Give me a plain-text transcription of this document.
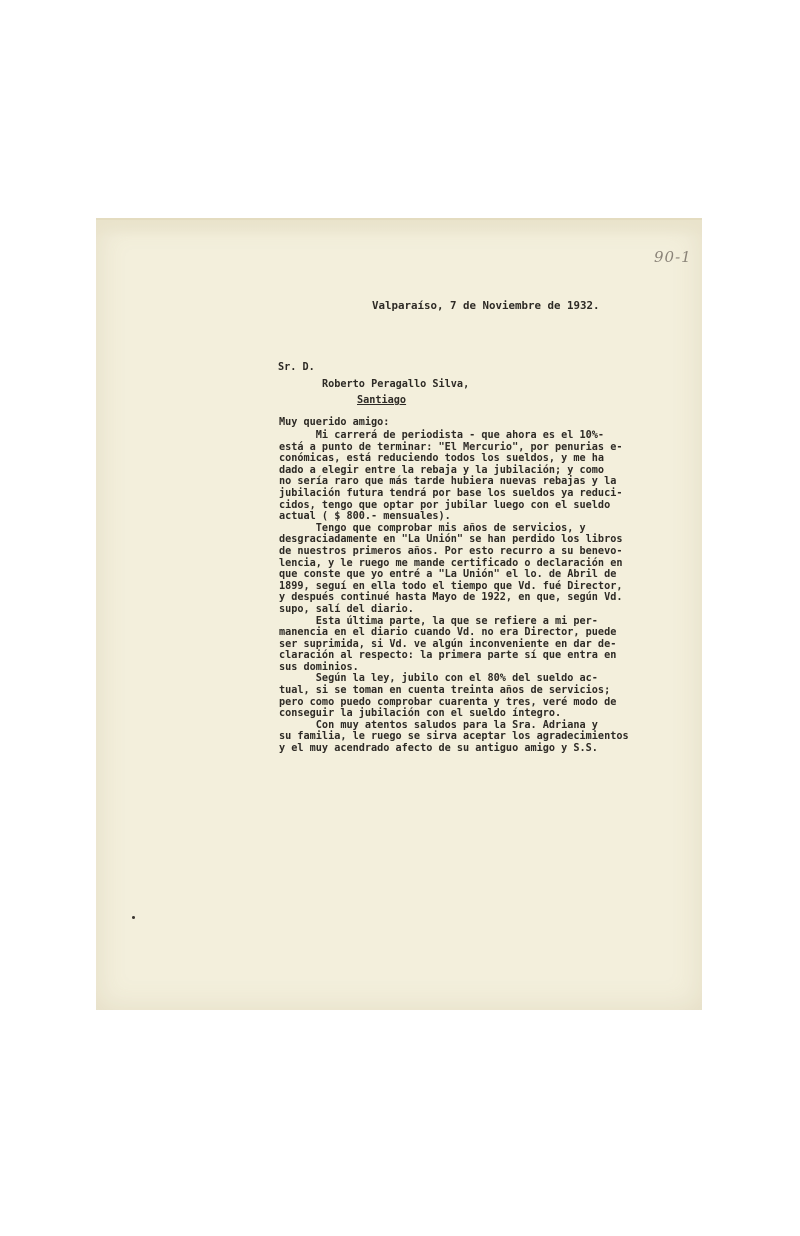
90-1
Valparaíso, 7 de Noviembre de 1932.
Sr. D.
Roberto Peragallo Silva,
Santiago
Muy querido amigo:
Mi carrerá de periodista - que ahora es el 10%-
está a punto de terminar: "El Mercurio", por penurias e-
conómicas, está reduciendo todos los sueldos, y me ha
dado a elegir entre la rebaja y la jubilación; y como
no sería raro que más tarde hubiera nuevas rebajas y la
jubilación futura tendrá por base los sueldos ya reduci-
cidos, tengo que optar por jubilar luego con el sueldo
actual ( $ 800.- mensuales).
Tengo que comprobar mis años de servicios, y
desgraciadamente en "La Unión" se han perdido los libros
de nuestros primeros años. Por esto recurro a su benevo-
lencia, y le ruego me mande certificado o declaración en
que conste que yo entré a "La Unión" el lo. de Abril de
1899, seguí en ella todo el tiempo que Vd. fué Director,
y después continué hasta Mayo de 1922, en que, según Vd.
supo, salí del diario.
Esta última parte, la que se refiere a mi per-
manencia en el diario cuando Vd. no era Director, puede
ser suprimida, si Vd. ve algún inconveniente en dar de-
claración al respecto: la primera parte sí que entra en
sus dominios.
Según la ley, jubilo con el 80% del sueldo ac-
tual, si se toman en cuenta treinta años de servicios;
pero como puedo comprobar cuarenta y tres, veré modo de
conseguir la jubilación con el sueldo íntegro.
Con muy atentos saludos para la Sra. Adriana y
su familia, le ruego se sirva aceptar los agradecimientos
y el muy acendrado afecto de su antiguo amigo y S.S.
